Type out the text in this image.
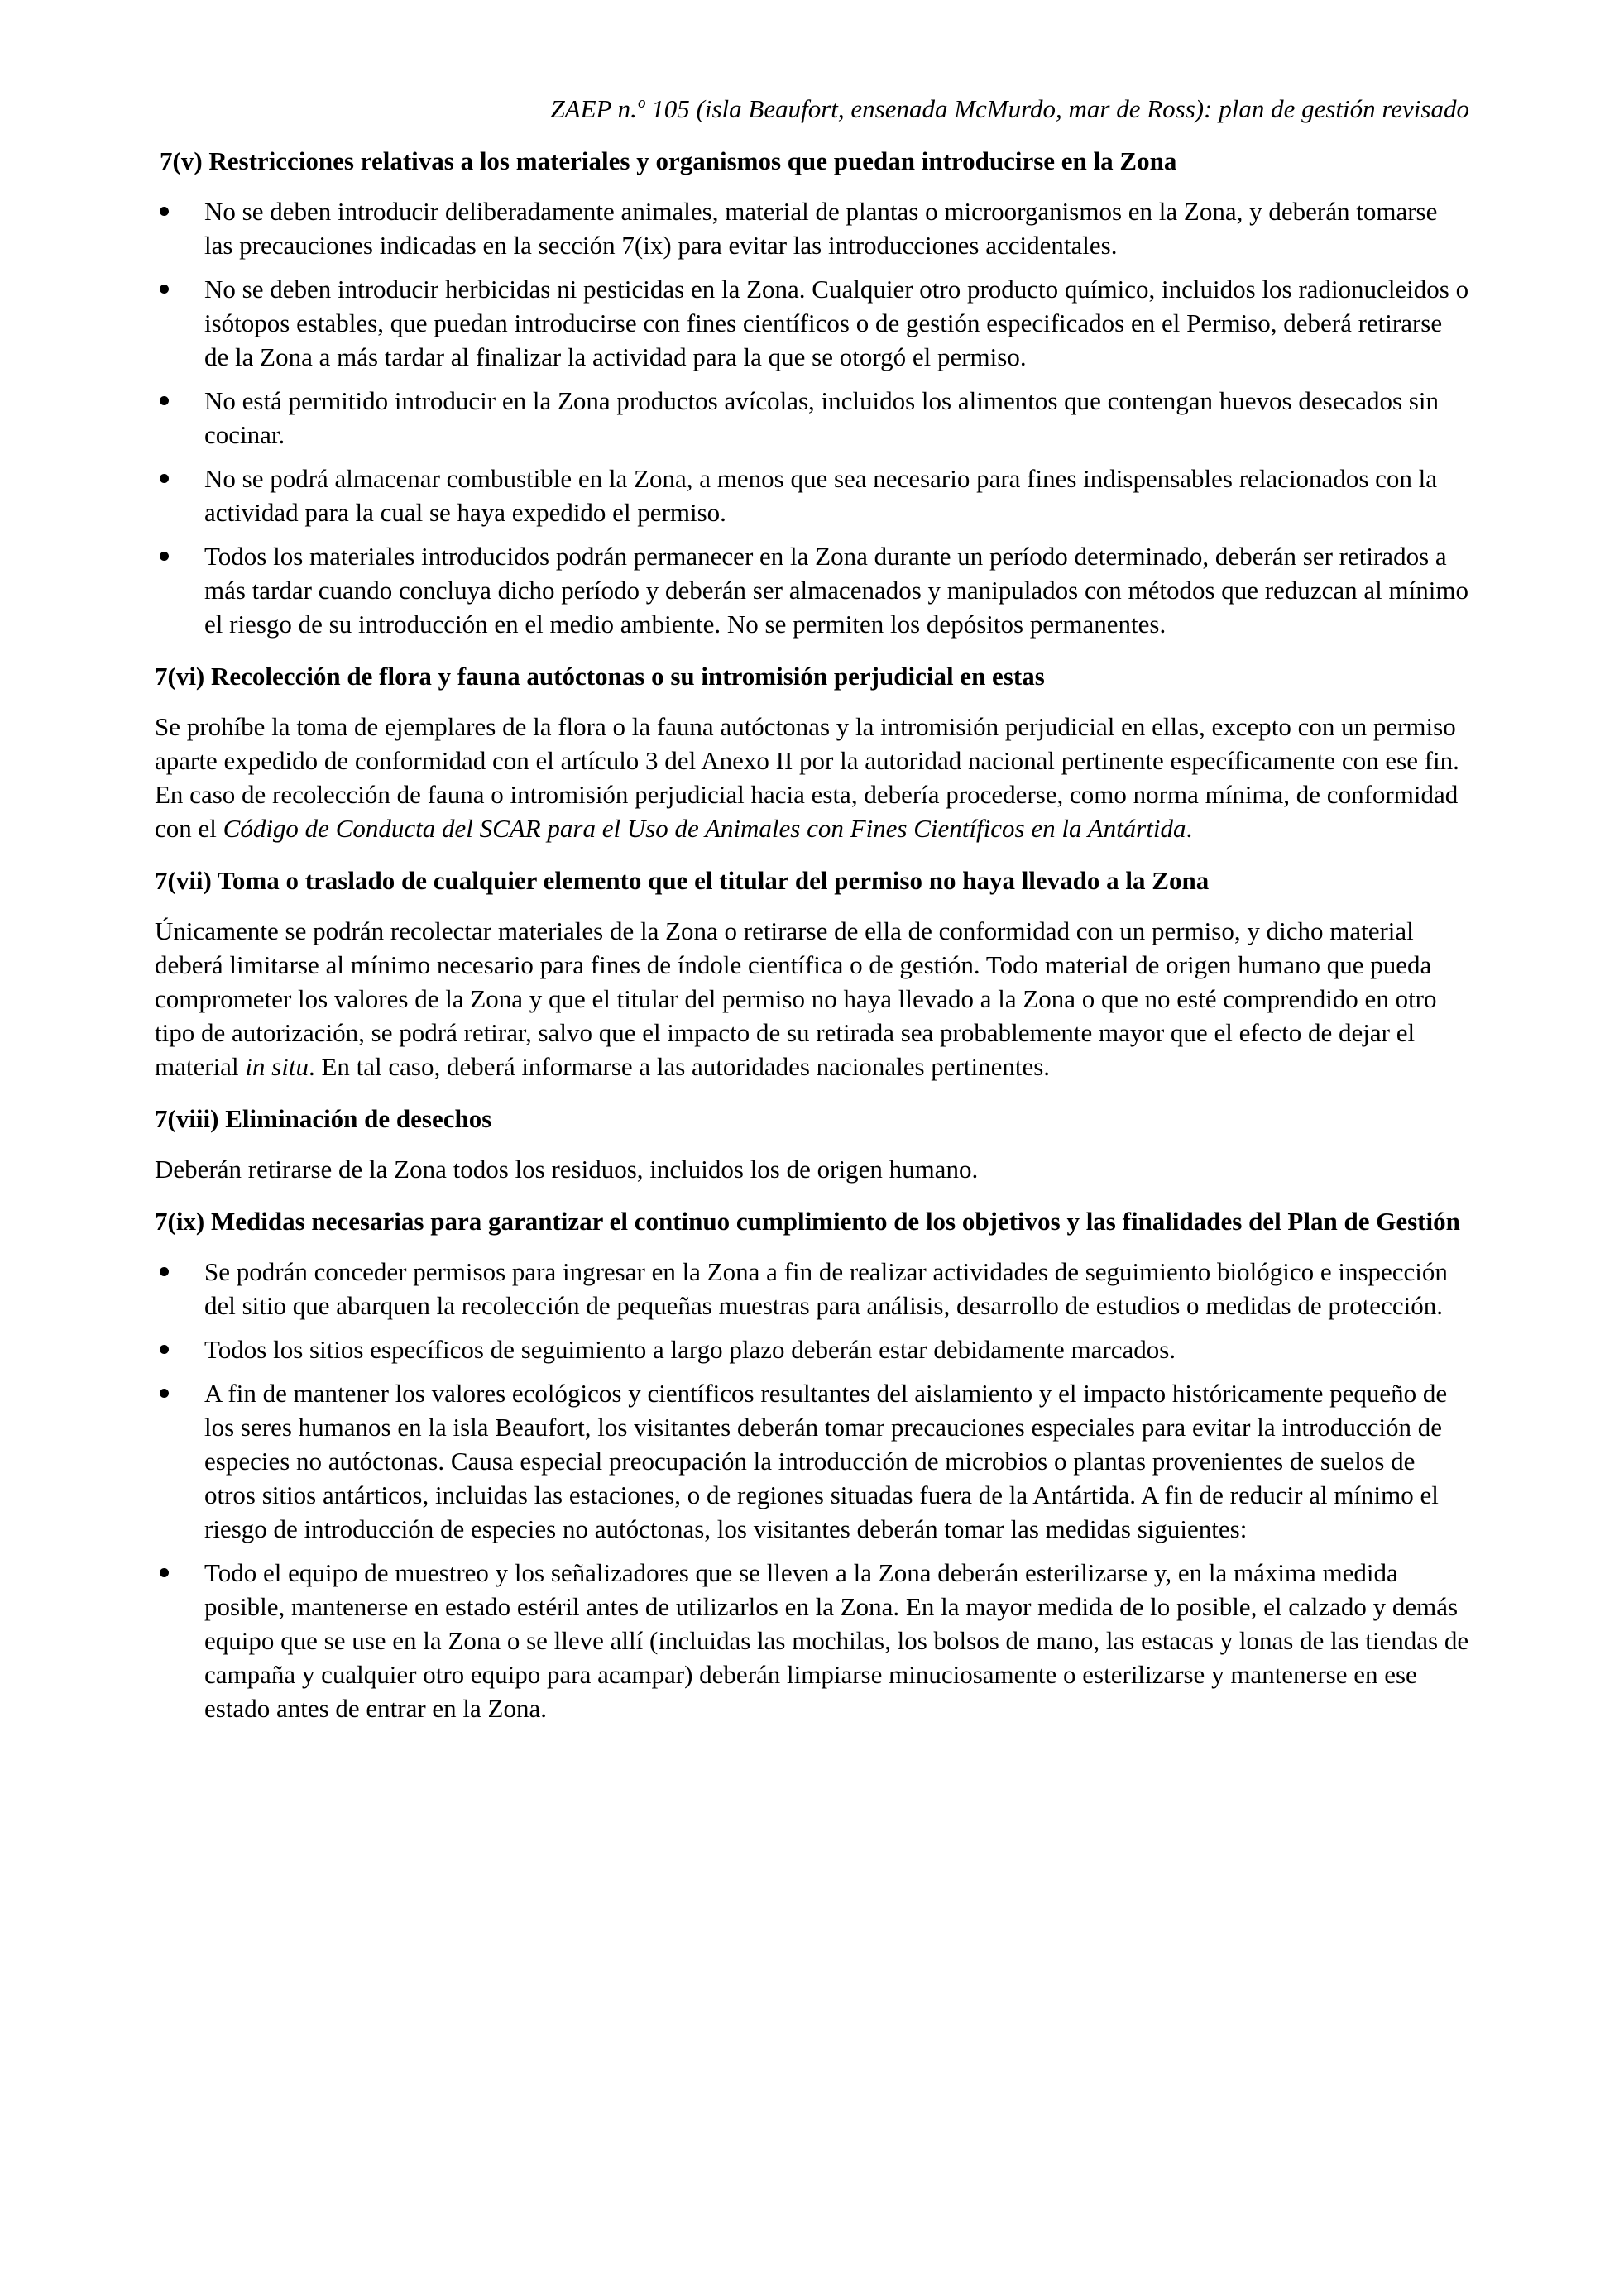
ZAEP n.º 105 (isla Beaufort, ensenada McMurdo, mar de Ross): plan de gestión revisado
7(v) Restricciones relativas a los materiales y organismos que puedan introducirse en la Zona
No se deben introducir deliberadamente animales, material de plantas o microorganismos en la Zona, y deberán tomarse las precauciones indicadas en la sección 7(ix) para evitar las introducciones accidentales.
No se deben introducir herbicidas ni pesticidas en la Zona. Cualquier otro producto químico, incluidos los radionucleidos o isótopos estables, que puedan introducirse con fines científicos o de gestión especificados en el Permiso, deberá retirarse de la Zona a más tardar al finalizar la actividad para la que se otorgó el permiso.
No está permitido introducir en la Zona productos avícolas, incluidos los alimentos que contengan huevos desecados sin cocinar.
No se podrá almacenar combustible en la Zona, a menos que sea necesario para fines indispensables relacionados con la actividad para la cual se haya expedido el permiso.
Todos los materiales introducidos podrán permanecer en la Zona durante un período determinado, deberán ser retirados a más tardar cuando concluya dicho período y deberán ser almacenados y manipulados con métodos que reduzcan al mínimo el riesgo de su introducción en el medio ambiente. No se permiten los depósitos permanentes.
7(vi) Recolección de flora y fauna autóctonas o su intromisión perjudicial en estas

Se prohíbe la toma de ejemplares de la flora o la fauna autóctonas y la intromisión perjudicial en ellas, excepto con un permiso aparte expedido de conformidad con el artículo 3 del Anexo II por la autoridad nacional pertinente específicamente con ese fin. En caso de recolección de fauna o intromisión perjudicial hacia esta, debería procederse, como norma mínima, de conformidad con el Código de Conducta del SCAR para el Uso de Animales con Fines Científicos en la Antártida.

7(vii) Toma o traslado de cualquier elemento que el titular del permiso no haya llevado a la Zona

Únicamente se podrán recolectar materiales de la Zona o retirarse de ella de conformidad con un permiso, y dicho material deberá limitarse al mínimo necesario para fines de índole científica o de gestión. Todo material de origen humano que pueda comprometer los valores de la Zona y que el titular del permiso no haya llevado a la Zona o que no esté comprendido en otro tipo de autorización, se podrá retirar, salvo que el impacto de su retirada sea probablemente mayor que el efecto de dejar el material in situ. En tal caso, deberá informarse a las autoridades nacionales pertinentes.

7(viii) Eliminación de desechos

Deberán retirarse de la Zona todos los residuos, incluidos los de origen humano.

7(ix) Medidas necesarias para garantizar el continuo cumplimiento de los objetivos y las finalidades del Plan de Gestión
Se podrán conceder permisos para ingresar en la Zona a fin de realizar actividades de seguimiento biológico e inspección del sitio que abarquen la recolección de pequeñas muestras para análisis, desarrollo de estudios o medidas de protección.
Todos los sitios específicos de seguimiento a largo plazo deberán estar debidamente marcados.
A fin de mantener los valores ecológicos y científicos resultantes del aislamiento y el impacto históricamente pequeño de los seres humanos en la isla Beaufort, los visitantes deberán tomar precauciones especiales para evitar la introducción de especies no autóctonas. Causa especial preocupación la introducción de microbios o plantas provenientes de suelos de otros sitios antárticos, incluidas las estaciones, o de regiones situadas fuera de la Antártida. A fin de reducir al mínimo el riesgo de introducción de especies no autóctonas, los visitantes deberán tomar las medidas siguientes:
Todo el equipo de muestreo y los señalizadores que se lleven a la Zona deberán esterilizarse y, en la máxima medida posible, mantenerse en estado estéril antes de utilizarlos en la Zona. En la mayor medida de lo posible, el calzado y demás equipo que se use en la Zona o se lleve allí (incluidas las mochilas, los bolsos de mano, las estacas y lonas de las tiendas de campaña y cualquier otro equipo para acampar) deberán limpiarse minuciosamente o esterilizarse y mantenerse en ese estado antes de entrar en la Zona.
